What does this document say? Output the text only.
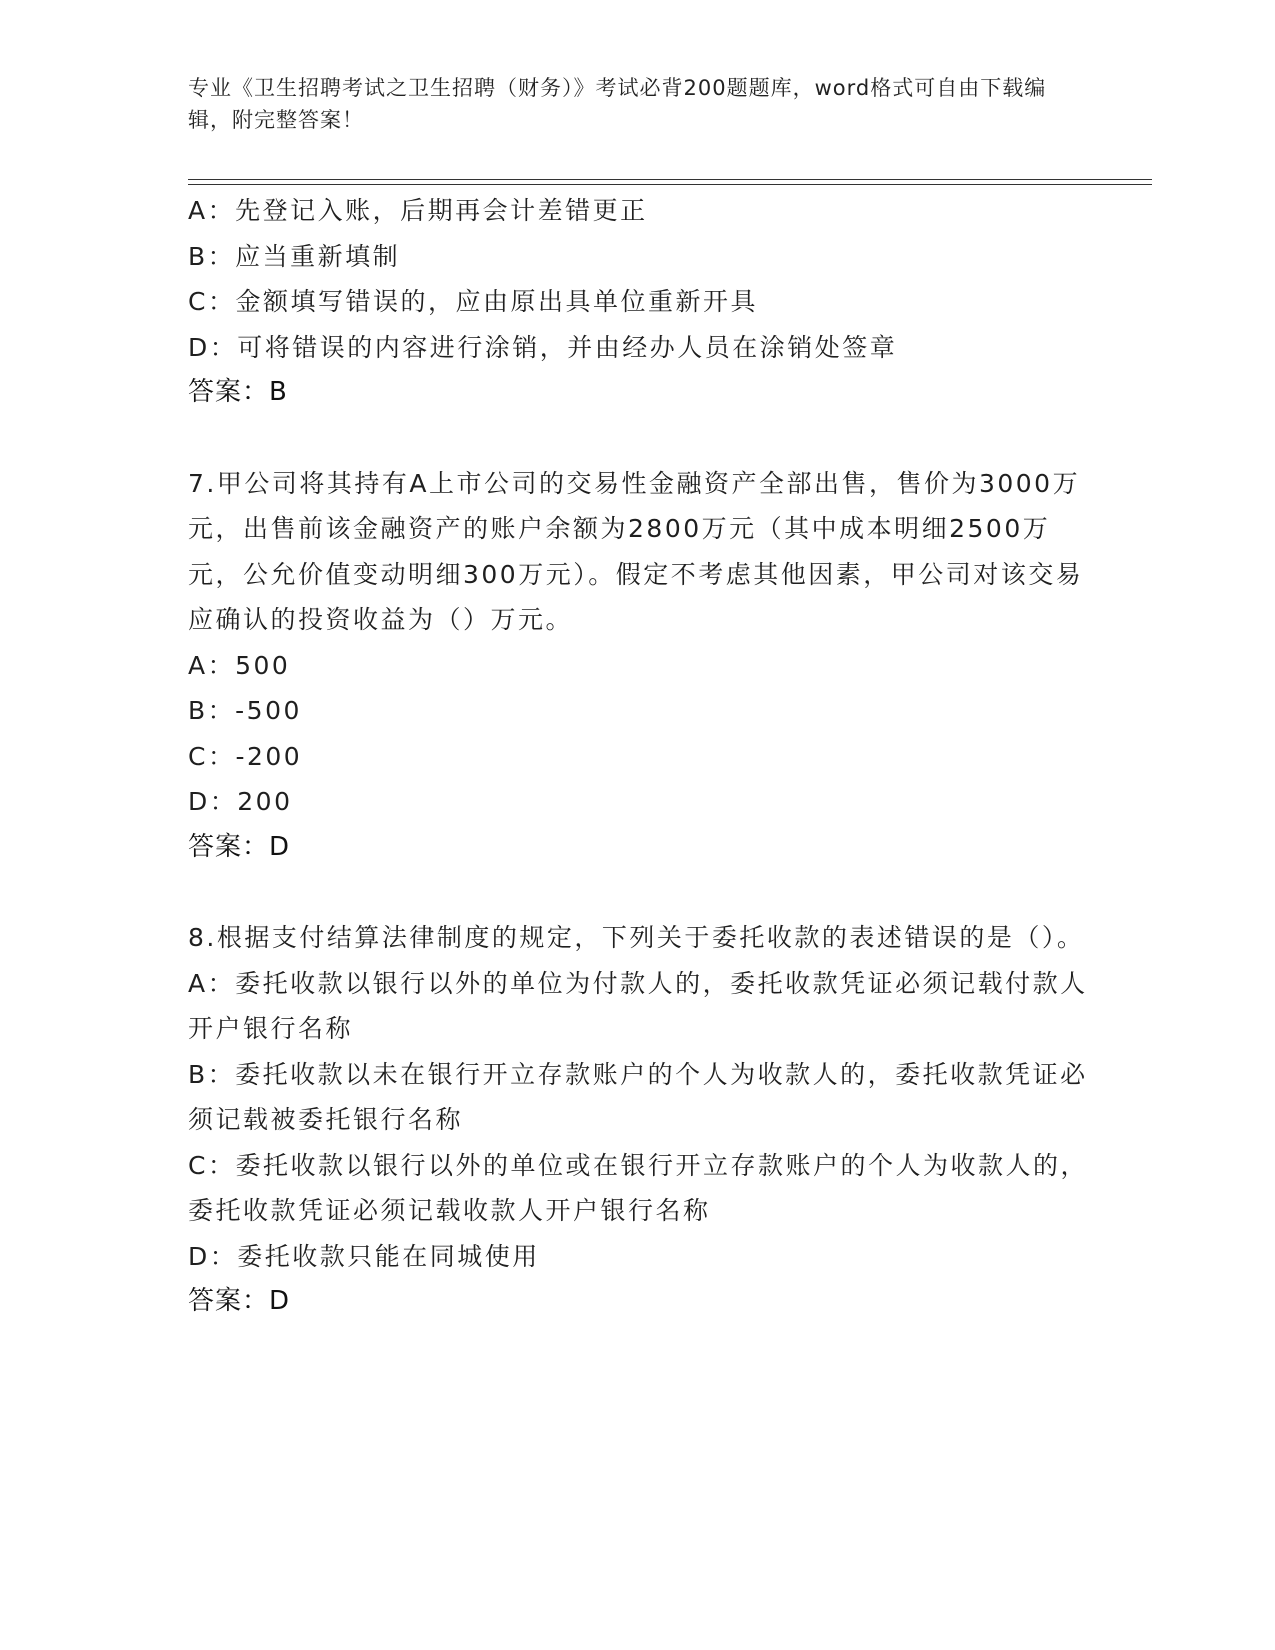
专业《卫生招聘考试之卫生招聘（财务）》考试必背200题题库，word格式可自由下载编辑，附完整答案！

A：先登记入账，后期再会计差错更正

B：应当重新填制

C：金额填写错误的，应由原出具单位重新开具

D：可将错误的内容进行涂销，并由经办人员在涂销处签章

答案：B

7.甲公司将其持有A上市公司的交易性金融资产全部出售，售价为3000万元，出售前该金融资产的账户余额为2800万元（其中成本明细2500万元，公允价值变动明细300万元）。假定不考虑其他因素，甲公司对该交易应确认的投资收益为（）万元。

A：500

B：-500

C：-200

D：200

答案：D

8.根据支付结算法律制度的规定，下列关于委托收款的表述错误的是（）。

A：委托收款以银行以外的单位为付款人的，委托收款凭证必须记载付款人开户银行名称

B：委托收款以未在银行开立存款账户的个人为收款人的，委托收款凭证必须记载被委托银行名称

C：委托收款以银行以外的单位或在银行开立存款账户的个人为收款人的，委托收款凭证必须记载收款人开户银行名称

D：委托收款只能在同城使用

答案：D
